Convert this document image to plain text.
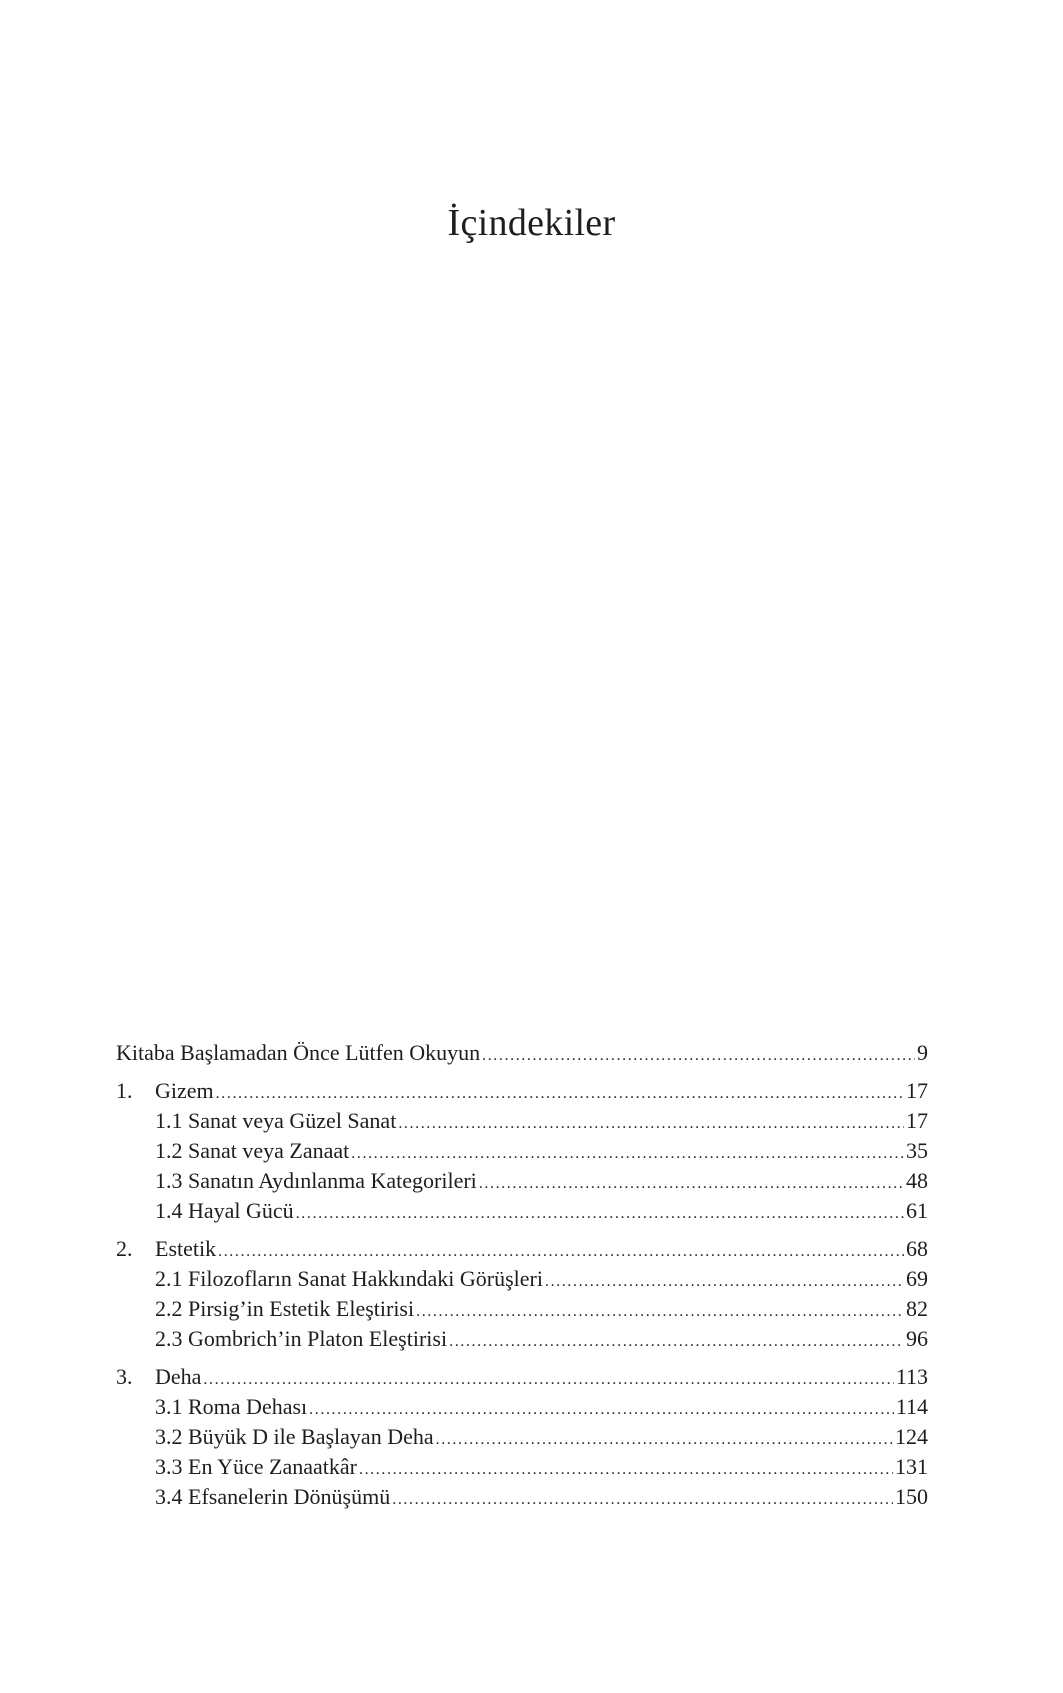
İçindekiler
Kitaba Başlamadan Önce Lütfen Okuyun .....	9
1.	Gizem .....	17
1.1 Sanat veya Güzel Sanat .....	17
1.2 Sanat veya Zanaat .....	35
1.3 Sanatın Aydınlanma Kategorileri .....	48
1.4 Hayal Gücü .....	61
2.	Estetik .....	68
2.1 Filozofların Sanat Hakkındaki Görüşleri .....	69
2.2 Pirsig’in Estetik Eleştirisi .....	82
2.3 Gombrich’in Platon Eleştirisi .....	96
3.	Deha .....	113
3.1 Roma Dehası .....	114
3.2 Büyük D ile Başlayan Deha .....	124
3.3 En Yüce Zanaatkâr .....	131
3.4 Efsanelerin Dönüşümü .....	150
